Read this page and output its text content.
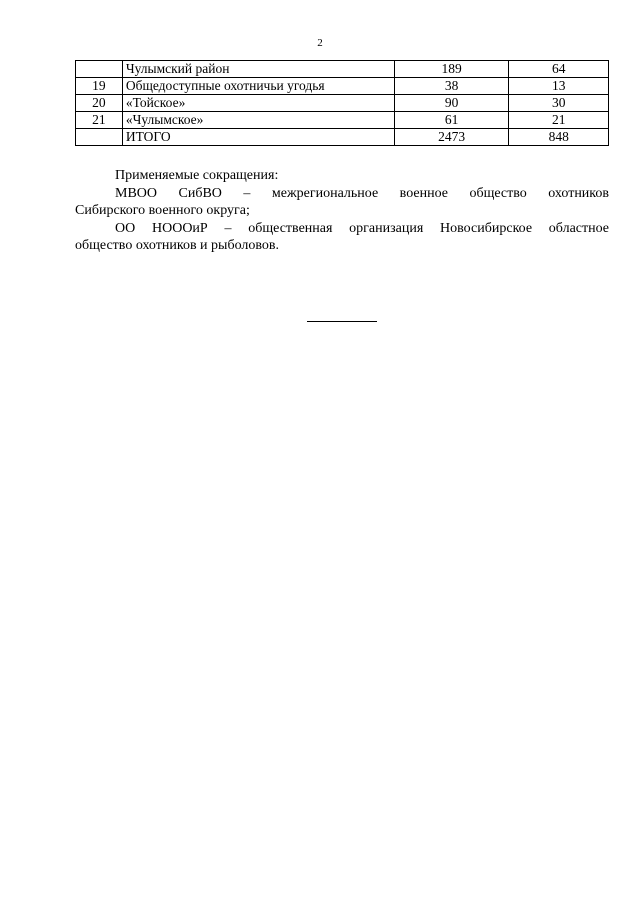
2
	Чулымский район	189	64
19	Общедоступные охотничьи угодья	38	13
20	«Тойское»	90	30
21	«Чулымское»	61	21
	ИТОГО	2473	848

Применяемые сокращения:

МВОО СибВО – межрегиональное военное общество охотников

Сибирского военного округа;

ОО НОООиР – общественная организация Новосибирское областное

общество охотников и рыболовов.
